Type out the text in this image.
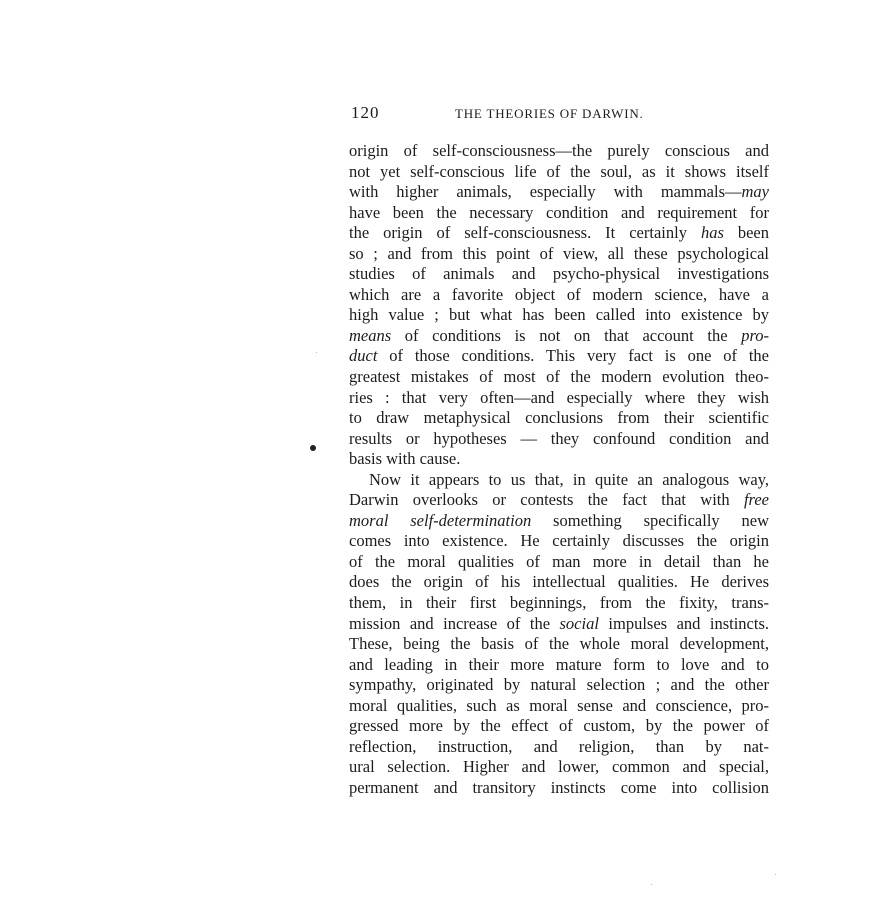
120	THE THEORIES OF DARWIN.
origin of self-consciousness—the purely conscious and
not yet self-conscious life of the soul, as it shows itself
with higher animals, especially with mammals—may
have been the necessary condition and requirement for
the origin of self-consciousness. It certainly has been
so ; and from this point of view, all these psychological
studies of animals and psycho-physical investigations
which are a favorite object of modern science, have a
high value ; but what has been called into existence by
means of conditions is not on that account the pro-
duct of those conditions. This very fact is one of the
greatest mistakes of most of the modern evolution theo-
ries : that very often—and especially where they wish
to draw metaphysical conclusions from their scientific
results or hypotheses — they confound condition and
basis with cause.
Now it appears to us that, in quite an analogous way,
Darwin overlooks or contests the fact that with free
moral self-determination something specifically new
comes into existence. He certainly discusses the origin
of the moral qualities of man more in detail than he
does the origin of his intellectual qualities. He derives
them, in their first beginnings, from the fixity, trans-
mission and increase of the social impulses and instincts.
These, being the basis of the whole moral development,
and leading in their more mature form to love and to
sympathy, originated by natural selection ; and the other
moral qualities, such as moral sense and conscience, pro-
gressed more by the effect of custom, by the power of
reflection, instruction, and religion, than by nat-
ural selection. Higher and lower, common and special,
permanent and transitory instincts come into collision
